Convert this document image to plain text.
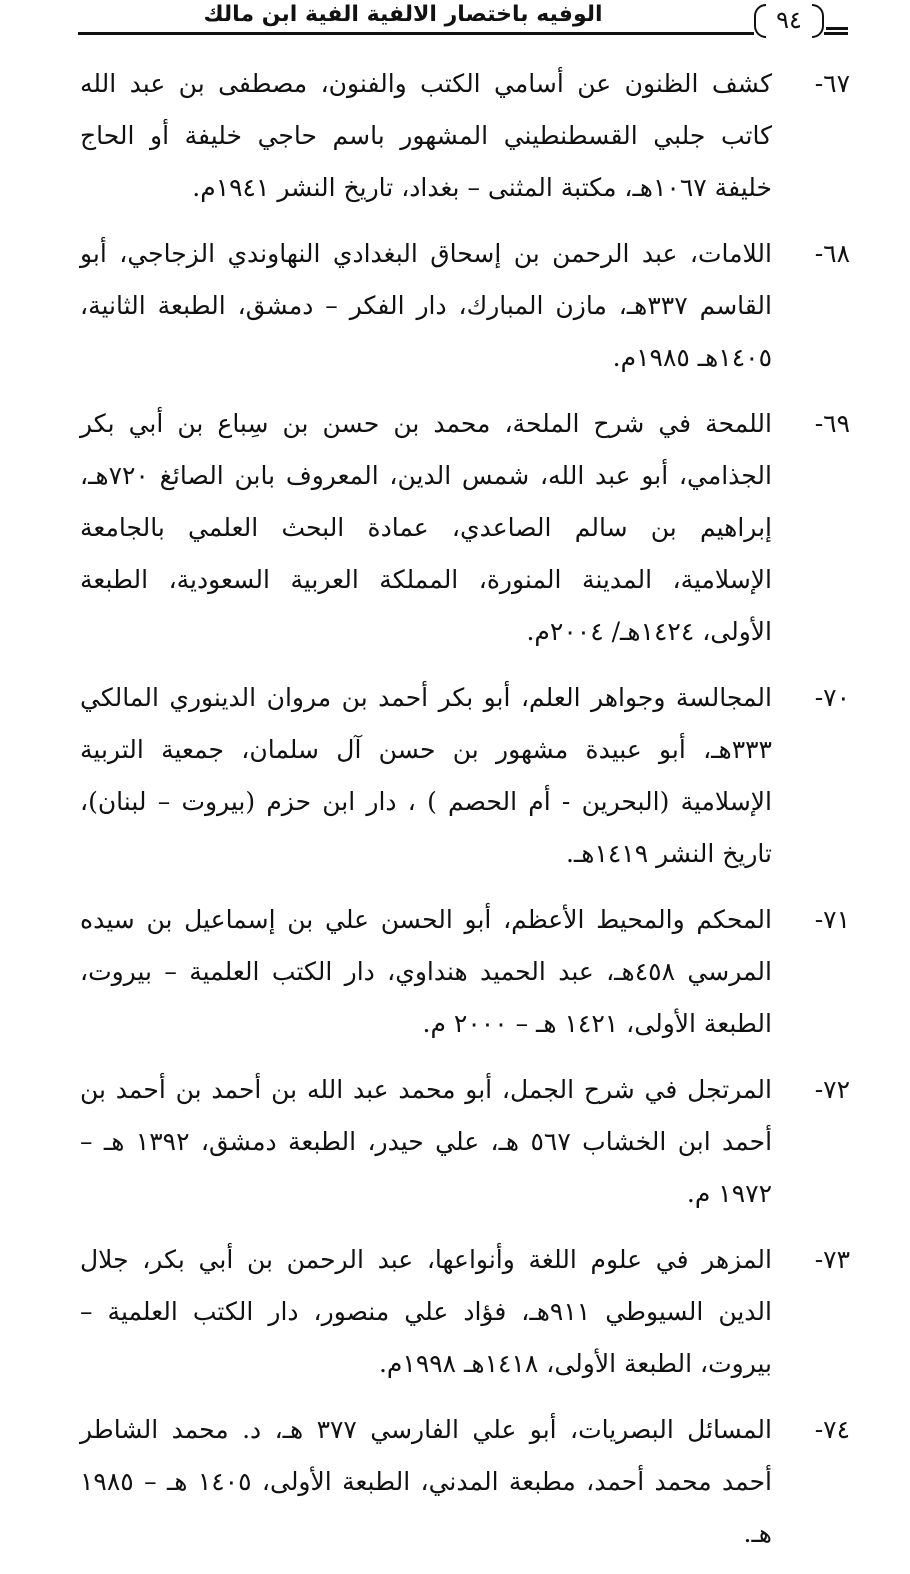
٩٤
الوفيه باختصار الالفية الفية ابن مالك
٦٧-
كشف الظنون عن أسامي الكتب والفنون، مصطفى بن عبد الله كاتب جلبي القسطنطيني المشهور باسم حاجي خليفة أو الحاج خليفة ١٠٦٧هـ، مكتبة المثنى – بغداد، تاريخ النشر ١٩٤١م.
٦٨-
اللامات، عبد الرحمن بن إسحاق البغدادي النهاوندي الزجاجي، أبو القاسم ٣٣٧هـ، مازن المبارك، دار الفكر – دمشق، الطبعة الثانية، ١٤٠٥هـ ١٩٨٥م.
٦٩-
اللمحة في شرح الملحة، محمد بن حسن بن سِباع بن أبي بكر الجذامي، أبو عبد الله، شمس الدين، المعروف بابن الصائغ ٧٢٠هـ، إبراهيم بن سالم الصاعدي، عمادة البحث العلمي بالجامعة الإسلامية، المدينة المنورة، المملكة العربية السعودية، الطبعة الأولى، ١٤٢٤هـ/ ٢٠٠٤م.
٧٠-
المجالسة وجواهر العلم، أبو بكر أحمد بن مروان الدينوري المالكي ٣٣٣هـ، أبو عبيدة مشهور بن حسن آل سلمان، جمعية التربية الإسلامية (البحرين - أم الحصم ) ، دار ابن حزم (بيروت – لبنان)، تاريخ النشر ١٤١٩هـ.
٧١-
المحكم والمحيط الأعظم، أبو الحسن علي بن إسماعيل بن سيده المرسي ٤٥٨هـ، عبد الحميد هنداوي، دار الكتب العلمية – بيروت، الطبعة الأولى، ١٤٢١ هـ – ٢٠٠٠ م.
٧٢-
المرتجل في شرح الجمل، أبو محمد عبد الله بن أحمد بن أحمد بن أحمد ابن الخشاب ٥٦٧ هـ، علي حيدر، الطبعة دمشق، ١٣٩٢ هـ – ١٩٧٢ م.
٧٣-
المزهر في علوم اللغة وأنواعها، عبد الرحمن بن أبي بكر، جلال الدين السيوطي ٩١١هـ، فؤاد علي منصور، دار الكتب العلمية – بيروت، الطبعة الأولى، ١٤١٨هـ ١٩٩٨م.
٧٤-
المسائل البصريات، أبو علي الفارسي ٣٧٧ هـ، د. محمد الشاطر أحمد محمد أحمد، مطبعة المدني، الطبعة الأولى، ١٤٠٥ هـ – ١٩٨٥ هـ.
